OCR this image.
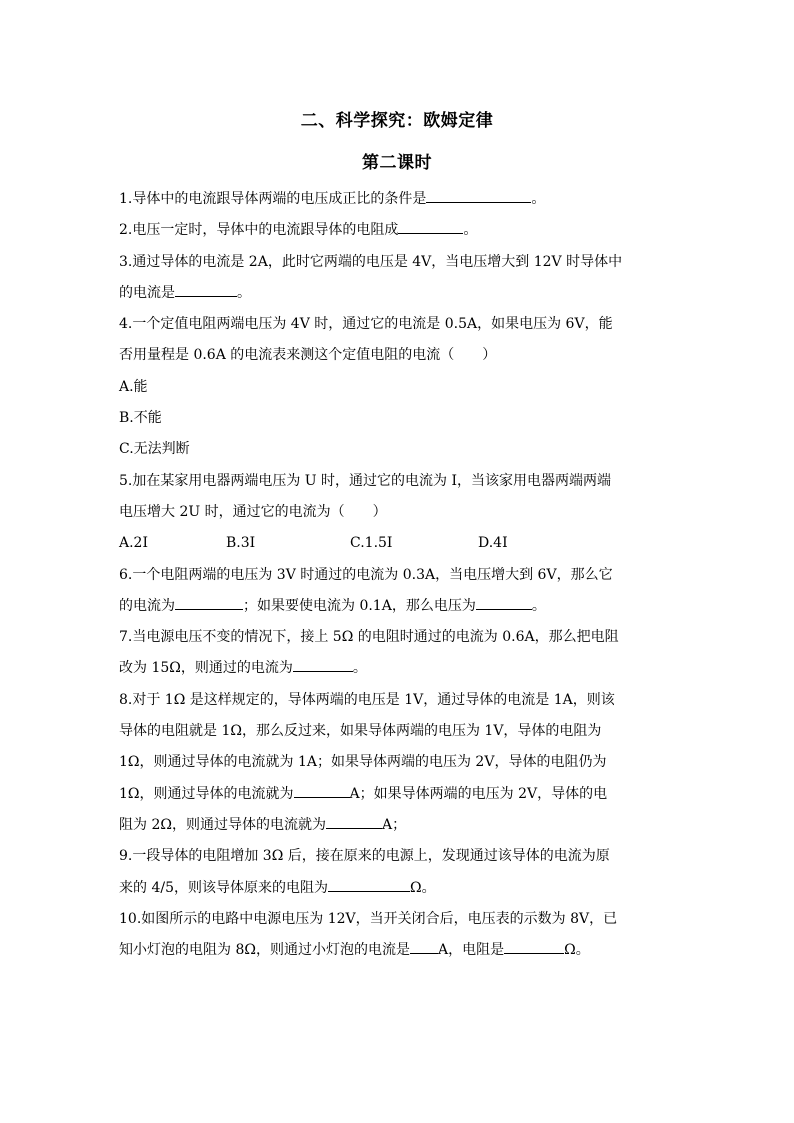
二、科学探究：欧姆定律
第二课时
1.导体中的电流跟导体两端的电压成正比的条件是	。
2.电压一定时，导体中的电流跟导体的电阻成	。
3.通过导体的电流是 2A，此时它两端的电压是 4V，当电压增大到 12V 时导体中
的电流是	。
4.一个定值电阻两端电压为 4V 时，通过它的电流是 0.5A，如果电压为 6V，能
否用量程是 0.6A 的电流表来测这个定值电阻的电流（　　）
A.能
B.不能
C.无法判断
5.加在某家用电器两端电压为 U 时，通过它的电流为 I，当该家用电器两端两端
电压增大 2U 时，通过它的电流为（　　）
A.2I	B.3I	C.1.5I	D.4I
6.一个电阻两端的电压为 3V 时通过的电流为 0.3A，当电压增大到 6V，那么它
的电流为	；如果要使电流为 0.1A，那么电压为	。
7.当电源电压不变的情况下，接上 5Ω 的电阻时通过的电流为 0.6A，那么把电阻
改为 15Ω，则通过的电流为	。
8.对于 1Ω 是这样规定的，导体两端的电压是 1V，通过导体的电流是 1A，则该
导体的电阻就是 1Ω，那么反过来，如果导体两端的电压为 1V，导体的电阻为
1Ω，则通过导体的电流就为 1A；如果导体两端的电压为 2V，导体的电阻仍为
1Ω，则通过导体的电流就为	A；如果导体两端的电压为 2V，导体的电
阻为 2Ω，则通过导体的电流就为	A；
9.一段导体的电阻增加 3Ω 后，接在原来的电源上，发现通过该导体的电流为原
来的 4/5，则该导体原来的电阻为	Ω。
10.如图所示的电路中电源电压为 12V，当开关闭合后，电压表的示数为 8V，已
知小灯泡的电阻为 8Ω，则通过小灯泡的电流是 A，电阻是	Ω。
